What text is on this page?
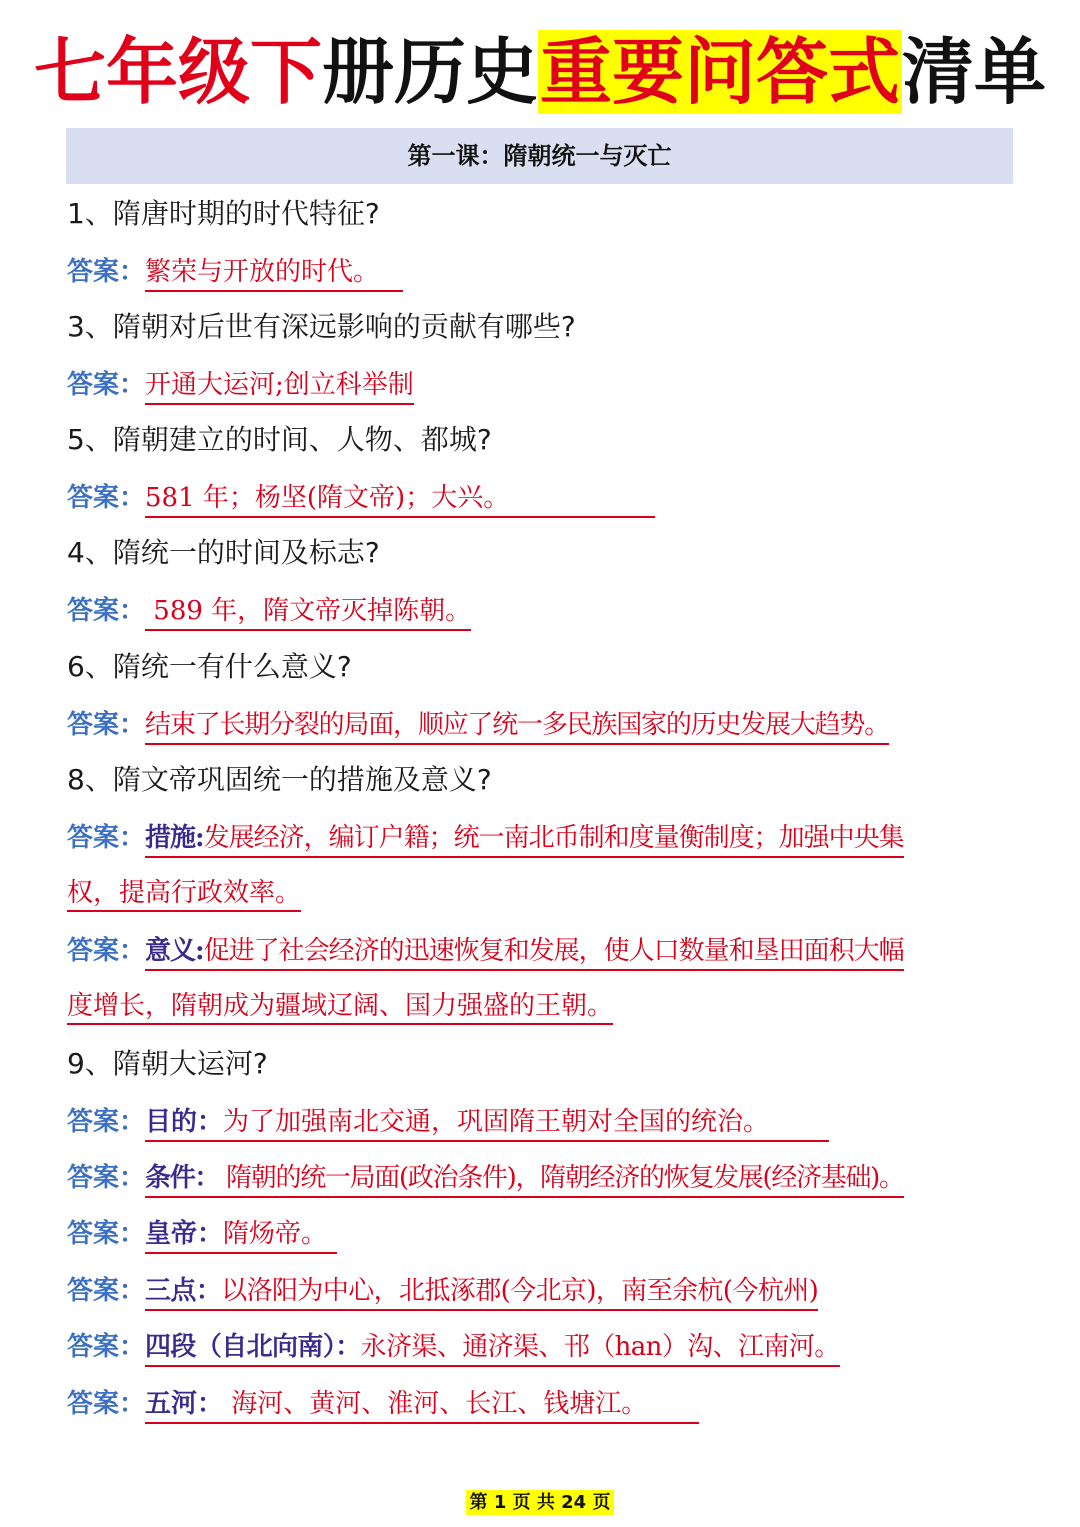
七年级下册历史重要问答式清单
第一课：隋朝统一与灭亡
1、隋唐时期的时代特征?
答案：繁荣与开放的时代。
3、隋朝对后世有深远影响的贡献有哪些?
答案：开通大运河;创立科举制
5、隋朝建立的时间、人物、都城?
答案：581 年；杨坚(隋文帝)；大兴。
4、隋统一的时间及标志?
答案： 589 年，隋文帝灭掉陈朝。
6、隋统一有什么意义?
答案：结束了长期分裂的局面，顺应了统一多民族国家的历史发展大趋势。
8、隋文帝巩固统一的措施及意义?
答案：措施:发展经济，编订户籍；统一南北币制和度量衡制度；加强中央集
权，提高行政效率。
答案：意义:促进了社会经济的迅速恢复和发展，使人口数量和垦田面积大幅
度增长，隋朝成为疆域辽阔、国力强盛的王朝。
9、隋朝大运河?
答案：目的：为了加强南北交通，巩固隋王朝对全国的统治。
答案：条件： 隋朝的统一局面(政治条件)，隋朝经济的恢复发展(经济基础)。
答案：皇帝：隋炀帝。
答案：三点：以洛阳为中心，北抵涿郡(今北京)，南至余杭(今杭州)
答案：四段（自北向南）：永济渠、通济渠、邗（han）沟、江南河。
答案：五河： 海河、黄河、淮河、长江、钱塘江。
第 1 页 共 24 页
